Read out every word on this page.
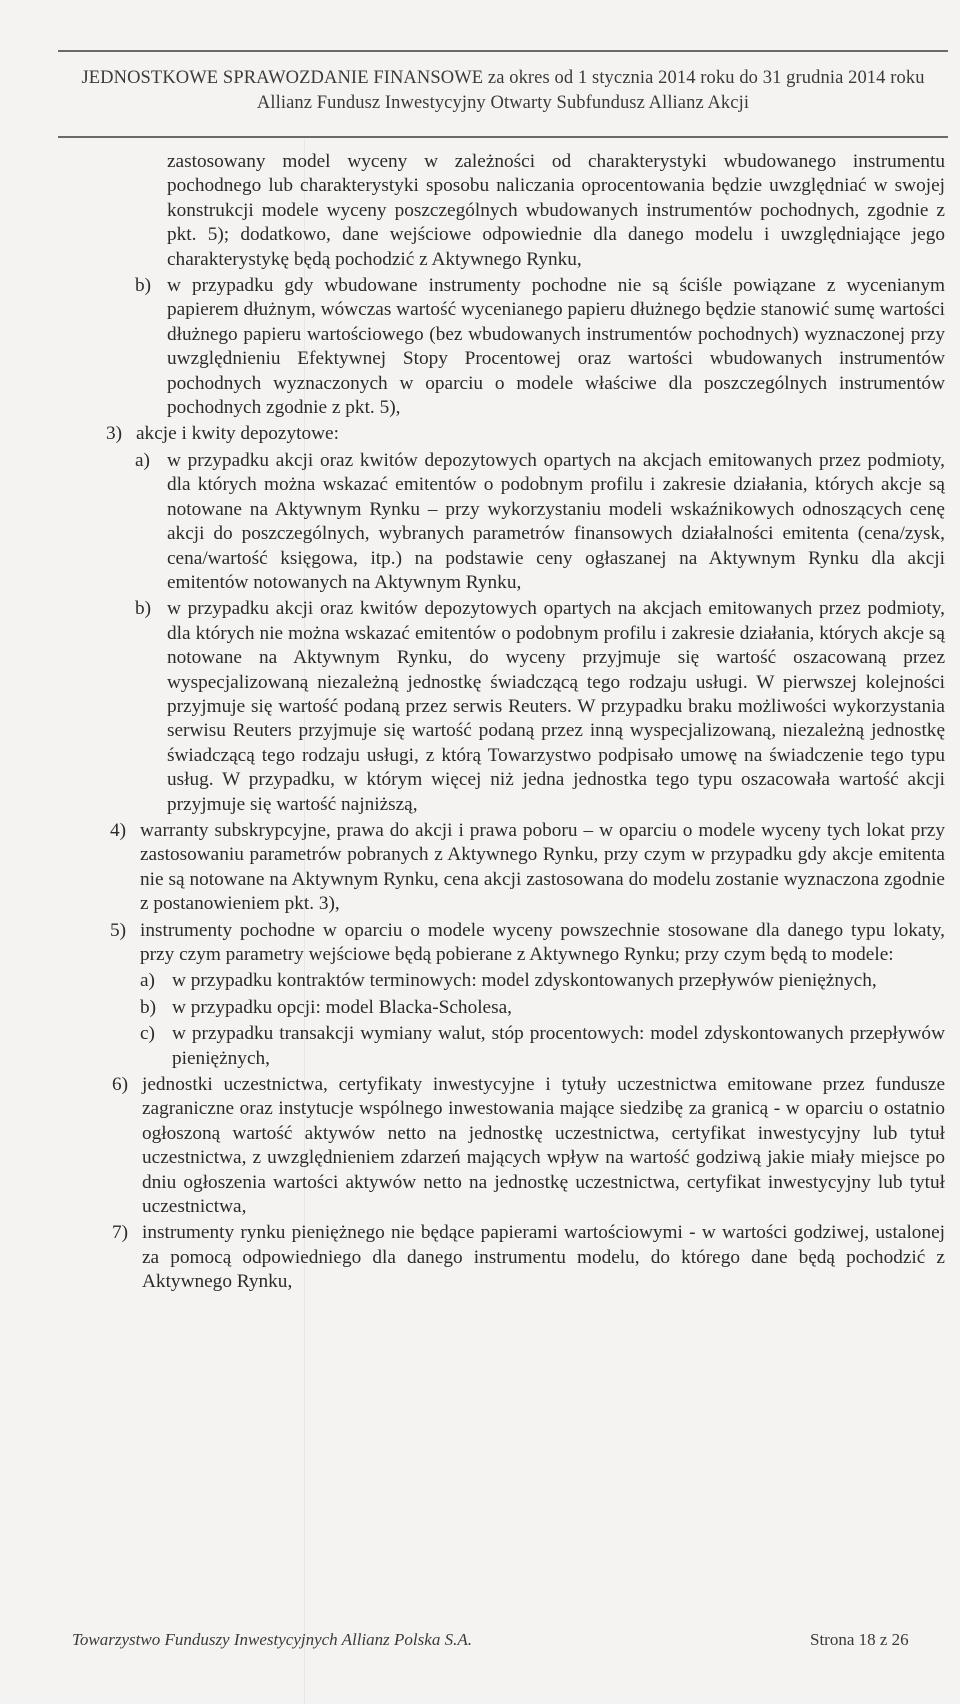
JEDNOSTKOWE SPRAWOZDANIE FINANSOWE za okres od 1 stycznia 2014 roku do 31 grudnia 2014 roku
Allianz Fundusz Inwestycyjny Otwarty Subfundusz Allianz Akcji

zastosowany model wyceny w zależności od charakterystyki wbudowanego instrumentu pochodnego lub charakterystyki sposobu naliczania oprocentowania będzie uwzględniać w swojej konstrukcji modele wyceny poszczególnych wbudowanych instrumentów pochodnych, zgodnie z pkt. 5); dodatkowo, dane wejściowe odpowiednie dla danego modelu i uwzględniające jego charakterystykę będą pochodzić z Aktywnego Rynku,

b) w przypadku gdy wbudowane instrumenty pochodne nie są ściśle powiązane z wycenianym papierem dłużnym, wówczas wartość wycenianego papieru dłużnego będzie stanowić sumę wartości dłużnego papieru wartościowego (bez wbudowanych instrumentów pochodnych) wyznaczonej przy uwzględnieniu Efektywnej Stopy Procentowej oraz wartości wbudowanych instrumentów pochodnych wyznaczonych w oparciu o modele właściwe dla poszczególnych instrumentów pochodnych zgodnie z pkt. 5),
3) akcje i kwity depozytowe:
a) w przypadku akcji oraz kwitów depozytowych opartych na akcjach emitowanych przez podmioty, dla których można wskazać emitentów o podobnym profilu i zakresie działania, których akcje są notowane na Aktywnym Rynku – przy wykorzystaniu modeli wskaźnikowych odnoszących cenę akcji do poszczególnych, wybranych parametrów finansowych działalności emitenta (cena/zysk, cena/wartość księgowa, itp.) na podstawie ceny ogłaszanej na Aktywnym Rynku dla akcji emitentów notowanych na Aktywnym Rynku,
b) w przypadku akcji oraz kwitów depozytowych opartych na akcjach emitowanych przez podmioty, dla których nie można wskazać emitentów o podobnym profilu i zakresie działania, których akcje są notowane na Aktywnym Rynku, do wyceny przyjmuje się wartość oszacowaną przez wyspecjalizowaną niezależną jednostkę świadczącą tego rodzaju usługi. W pierwszej kolejności przyjmuje się wartość podaną przez serwis Reuters. W przypadku braku możliwości wykorzystania serwisu Reuters przyjmuje się wartość podaną przez inną wyspecjalizowaną, niezależną jednostkę świadczącą tego rodzaju usługi, z którą Towarzystwo podpisało umowę na świadczenie tego typu usług. W przypadku, w którym więcej niż jedna jednostka tego typu oszacowała wartość akcji przyjmuje się wartość najniższą,
4) warranty subskrypcyjne, prawa do akcji i prawa poboru – w oparciu o modele wyceny tych lokat przy zastosowaniu parametrów pobranych z Aktywnego Rynku, przy czym w przypadku gdy akcje emitenta nie są notowane na Aktywnym Rynku, cena akcji zastosowana do modelu zostanie wyznaczona zgodnie z postanowieniem pkt. 3),
5) instrumenty pochodne w oparciu o modele wyceny powszechnie stosowane dla danego typu lokaty, przy czym parametry wejściowe będą pobierane z Aktywnego Rynku; przy czym będą to modele:
a) w przypadku kontraktów terminowych: model zdyskontowanych przepływów pieniężnych,
b) w przypadku opcji: model Blacka-Scholesa,
c) w przypadku transakcji wymiany walut, stóp procentowych: model zdyskontowanych przepływów pieniężnych,
6) jednostki uczestnictwa, certyfikaty inwestycyjne i tytuły uczestnictwa emitowane przez fundusze zagraniczne oraz instytucje wspólnego inwestowania mające siedzibę za granicą - w oparciu o ostatnio ogłoszoną wartość aktywów netto na jednostkę uczestnictwa, certyfikat inwestycyjny lub tytuł uczestnictwa, z uwzględnieniem zdarzeń mających wpływ na wartość godziwą jakie miały miejsce po dniu ogłoszenia wartości aktywów netto na jednostkę uczestnictwa, certyfikat inwestycyjny lub tytuł uczestnictwa,
7) instrumenty rynku pieniężnego nie będące papierami wartościowymi - w wartości godziwej, ustalonej za pomocą odpowiedniego dla danego instrumentu modelu, do którego dane będą pochodzić z Aktywnego Rynku,
Towarzystwo Funduszy Inwestycyjnych Allianz Polska S.A.	Strona 18 z 26
